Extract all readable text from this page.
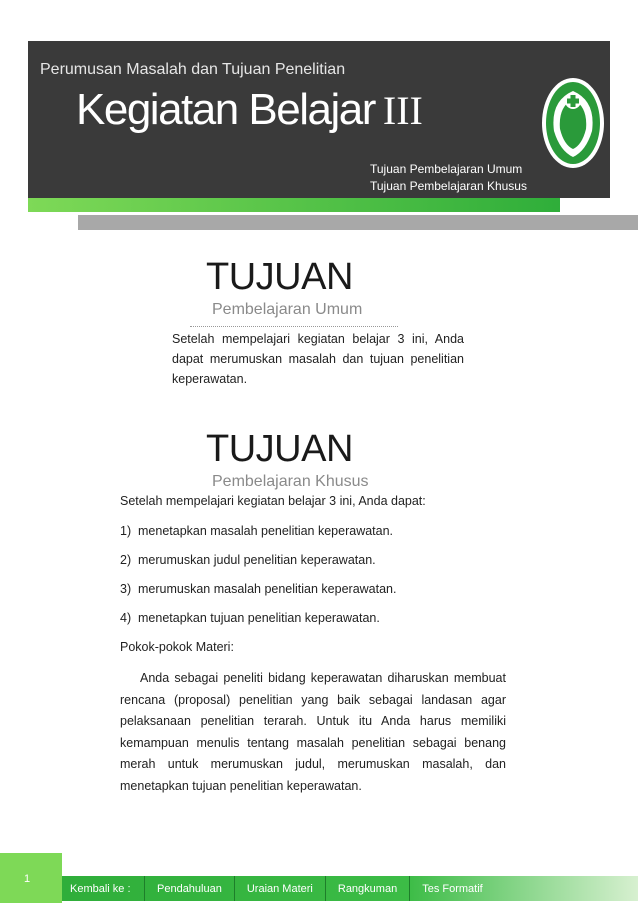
Perumusan Masalah dan Tujuan Penelitian
Kegiatan Belajar III
Tujuan Pembelajaran Umum
Tujuan Pembelajaran Khusus
TUJUAN
Pembelajaran Umum
Setelah mempelajari kegiatan belajar 3 ini, Anda dapat merumuskan masalah dan tujuan penelitian keperawatan.
TUJUAN
Pembelajaran Khusus

Setelah mempelajari kegiatan belajar 3 ini, Anda dapat:

1) menetapkan masalah penelitian keperawatan.

2) merumuskan judul penelitian keperawatan.

3) merumuskan masalah penelitian keperawatan.

4) menetapkan tujuan penelitian keperawatan.

Pokok-pokok Materi:

Anda sebagai peneliti bidang keperawatan diharuskan membuat rencana (proposal) penelitian yang baik sebagai landasan agar pelaksanaan penelitian terarah. Untuk itu Anda harus memiliki kemampuan menulis tentang masalah penelitian sebagai benang merah untuk merumuskan judul, merumuskan masalah, dan menetapkan tujuan penelitian keperawatan.

1
Kembali ke :	Pendahuluan	Uraian Materi	Rangkuman	Tes Formatif
